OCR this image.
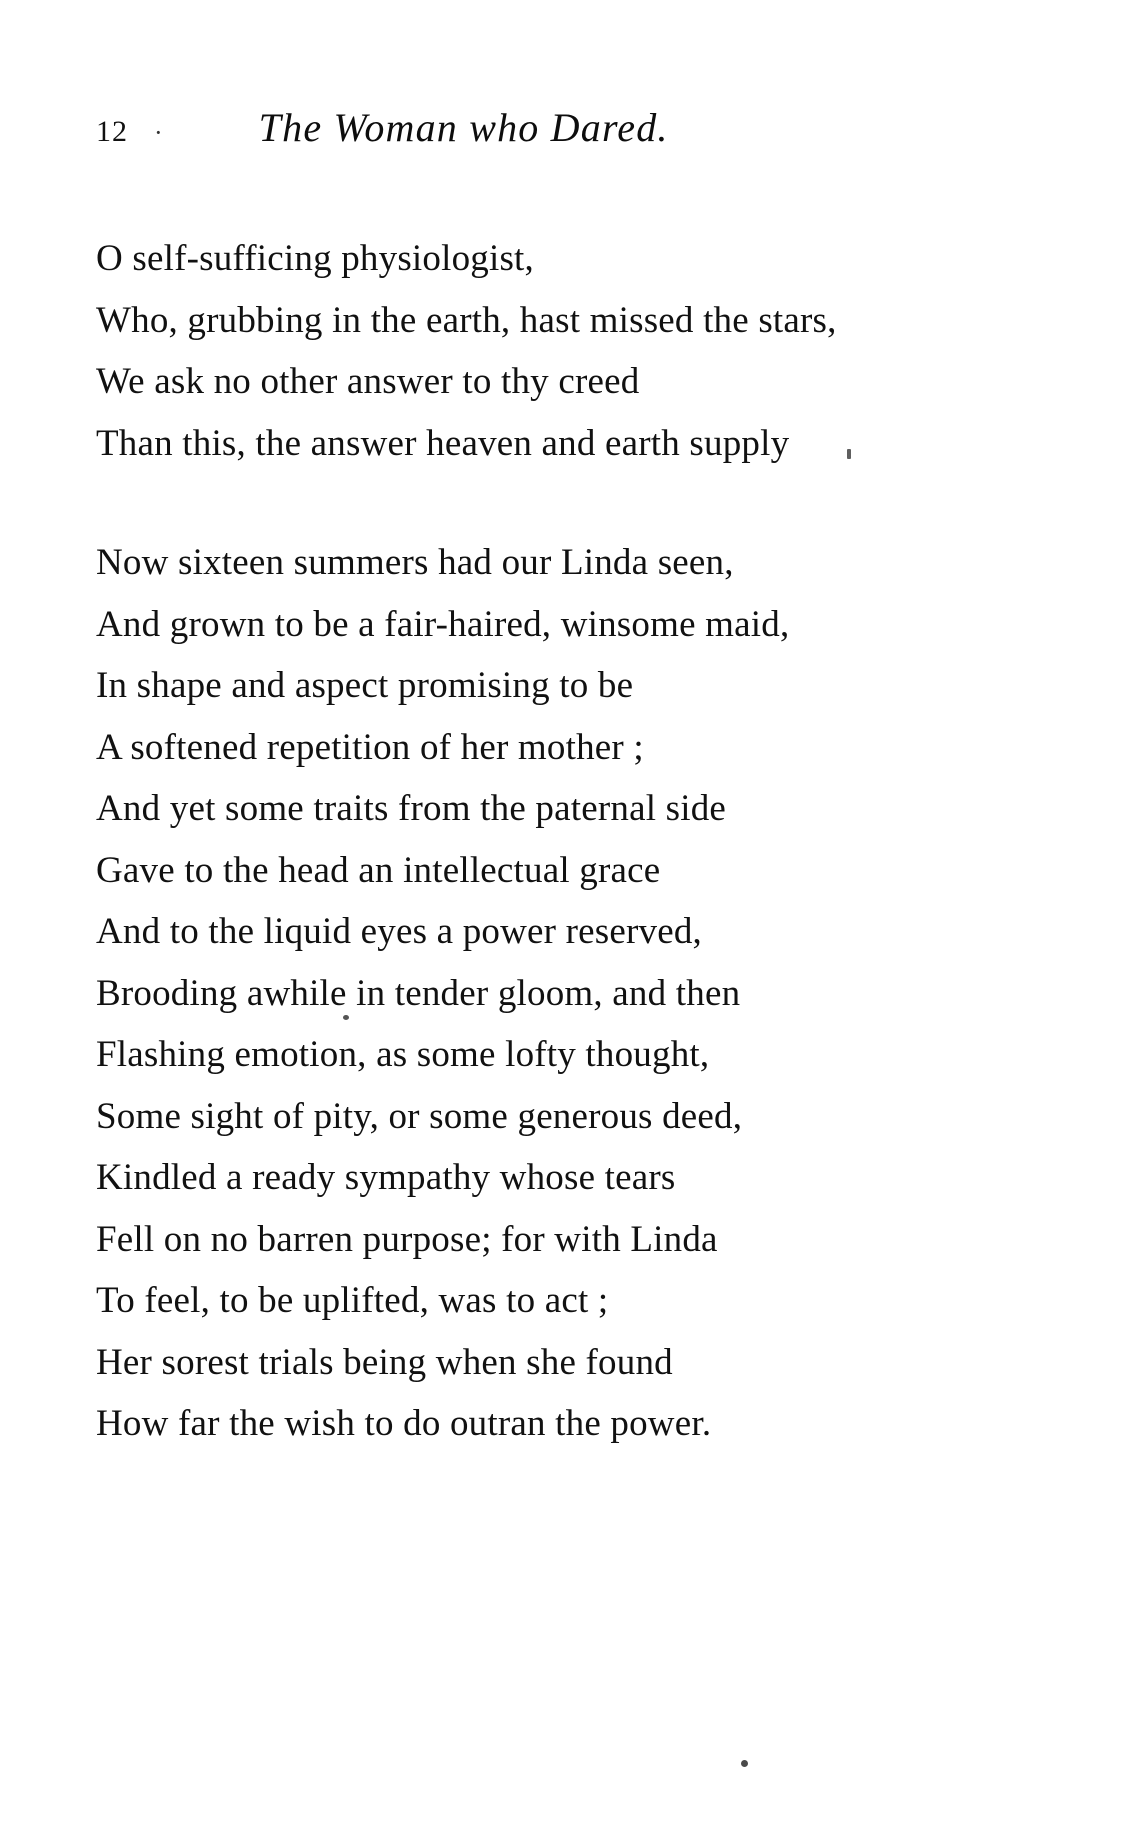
12 · The Woman who Dared.
O self-sufficing physiologist,
Who, grubbing in the earth, hast missed the stars,
We ask no other answer to thy creed
Than this, the answer heaven and earth supply
Now sixteen summers had our Linda seen,
And grown to be a fair-haired, winsome maid,
In shape and aspect promising to be
A softened repetition of her mother ;
And yet some traits from the paternal side
Gave to the head an intellectual grace
And to the liquid eyes a power reserved,
Brooding awhile in tender gloom, and then
Flashing emotion, as some lofty thought,
Some sight of pity, or some generous deed,
Kindled a ready sympathy whose tears
Fell on no barren purpose; for with Linda
To feel, to be uplifted, was to act ;
Her sorest trials being when she found
How far the wish to do outran the power.
